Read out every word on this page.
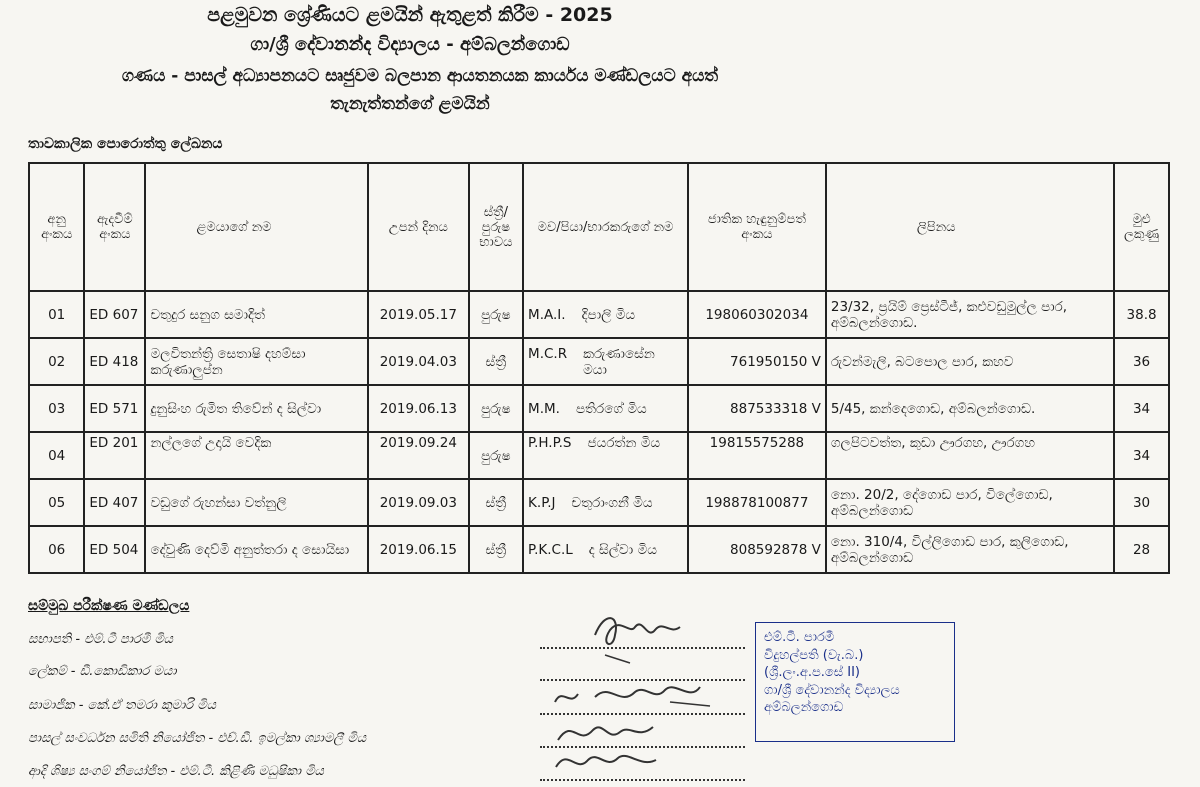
පළමුවන ශ්‍රේණියට ළමයින් ඇතුළත් කිරීම - 2025
ගා/ශ්‍රී දේවානන්ද විද්‍යාලය - අම්බලන්ගොඩ
ගණය - පාසල් අධ්‍යාපනයට සෘජුවම බලපාන ආයතනයක කාර්යය මණ්ඩලයට අයත්
තැනැත්තන්ගේ ළමයින්
තාවකාලික පොරොත්තු ලේඛනය
අනු අංකය	ඇදවීම් අංකය	ළමයාගේ නම	උපන් දිනය	ස්ත්‍රී/ පුරුෂ භාවය	මව/පියා/භාරකරුගේ නම	ජාතික හැඳුනුම්පත් අංකය	ලිපිනය	මුළු ලකුණු
01	ED 607	චතුදුර සනුග සමාදිත්	2019.05.17	පුරුෂ	M.A.I. දිපාලි මිය	198060302034	23/32, ප්‍රයිම් ප්‍රෙස්ටීජ්, කළුවඩුමුල්ල පාර, අම්බලන්ගොඩ.	38.8
02	ED 418	මලවිතන්ත්‍රි සෙතාෂි දහම්සා කරුණාලුප්න	2019.04.03	ස්ත්‍රී	M.C.R කරුණාසේන මයා	761950150 V	රුවන්මැලි, බටපොල පාර, කහව	36
03	ED 571	දුනුසිංහ රුමිත තිවේන් ද සිල්වා	2019.06.13	පුරුෂ	M.M. පතිරගේ මිය	887533318 V	5/45, කන්දෙගොඩ, අම්බලන්ගොඩ.	34
04	ED 201	නල්ලගේ උදායි වෙදික	2019.09.24	පුරුෂ	P.H.P.S ජයරත්න මිය	19815575288	ගලපිටවත්ත, කුඩා ඌරගහ, ඌරගහ	34
05	ED 407	වඩුගේ රුහන්සා වත්නුලි	2019.09.03	ස්ත්‍රී	K.P.J චතුරාංගනී මිය	198878100877	නො. 20/2, දේගොඩ පාර, විලේගොඩ, අම්බලන්ගොඩ	30
06	ED 504	දේවුණි දෙව්මි අනුත්තරා ද සොයිසා	2019.06.15	ස්ත්‍රී	P.K.C.L ද සිල්වා මිය	808592878 V	නො. 310/4, විල්ලිගොඩ පාර, කුලිගොඩ, අම්බලන්ගොඩ	28
සම්මුඛ පරීක්ෂණ මණ්ඩලය
සභාපති - එම්.ටී පාරමී මිය
ලේකම් - ඩී.කොඩිකාර මයා
සාමාජික - කේ.ඒ තමරා කුමාරි මිය
පාසල් සංවර්ධන සමිති නියෝජිත - එච්.ඩී. ඉමල්කා ශ්‍යාමලී මිය
ආදි ශිෂ්‍ය සංගම් නියෝජිත - එම්.ටී. කිළිණි මධුෂිකා මිය
එම්.ටී. පාරමී
විදුහල්පති (වැ.බ.)
(ශ්‍රී.ලං.අ.ප.සේ II)
ගා/ශ්‍රී දේවානන්ද විද්‍යාලය
අම්බලන්ගොඩ
